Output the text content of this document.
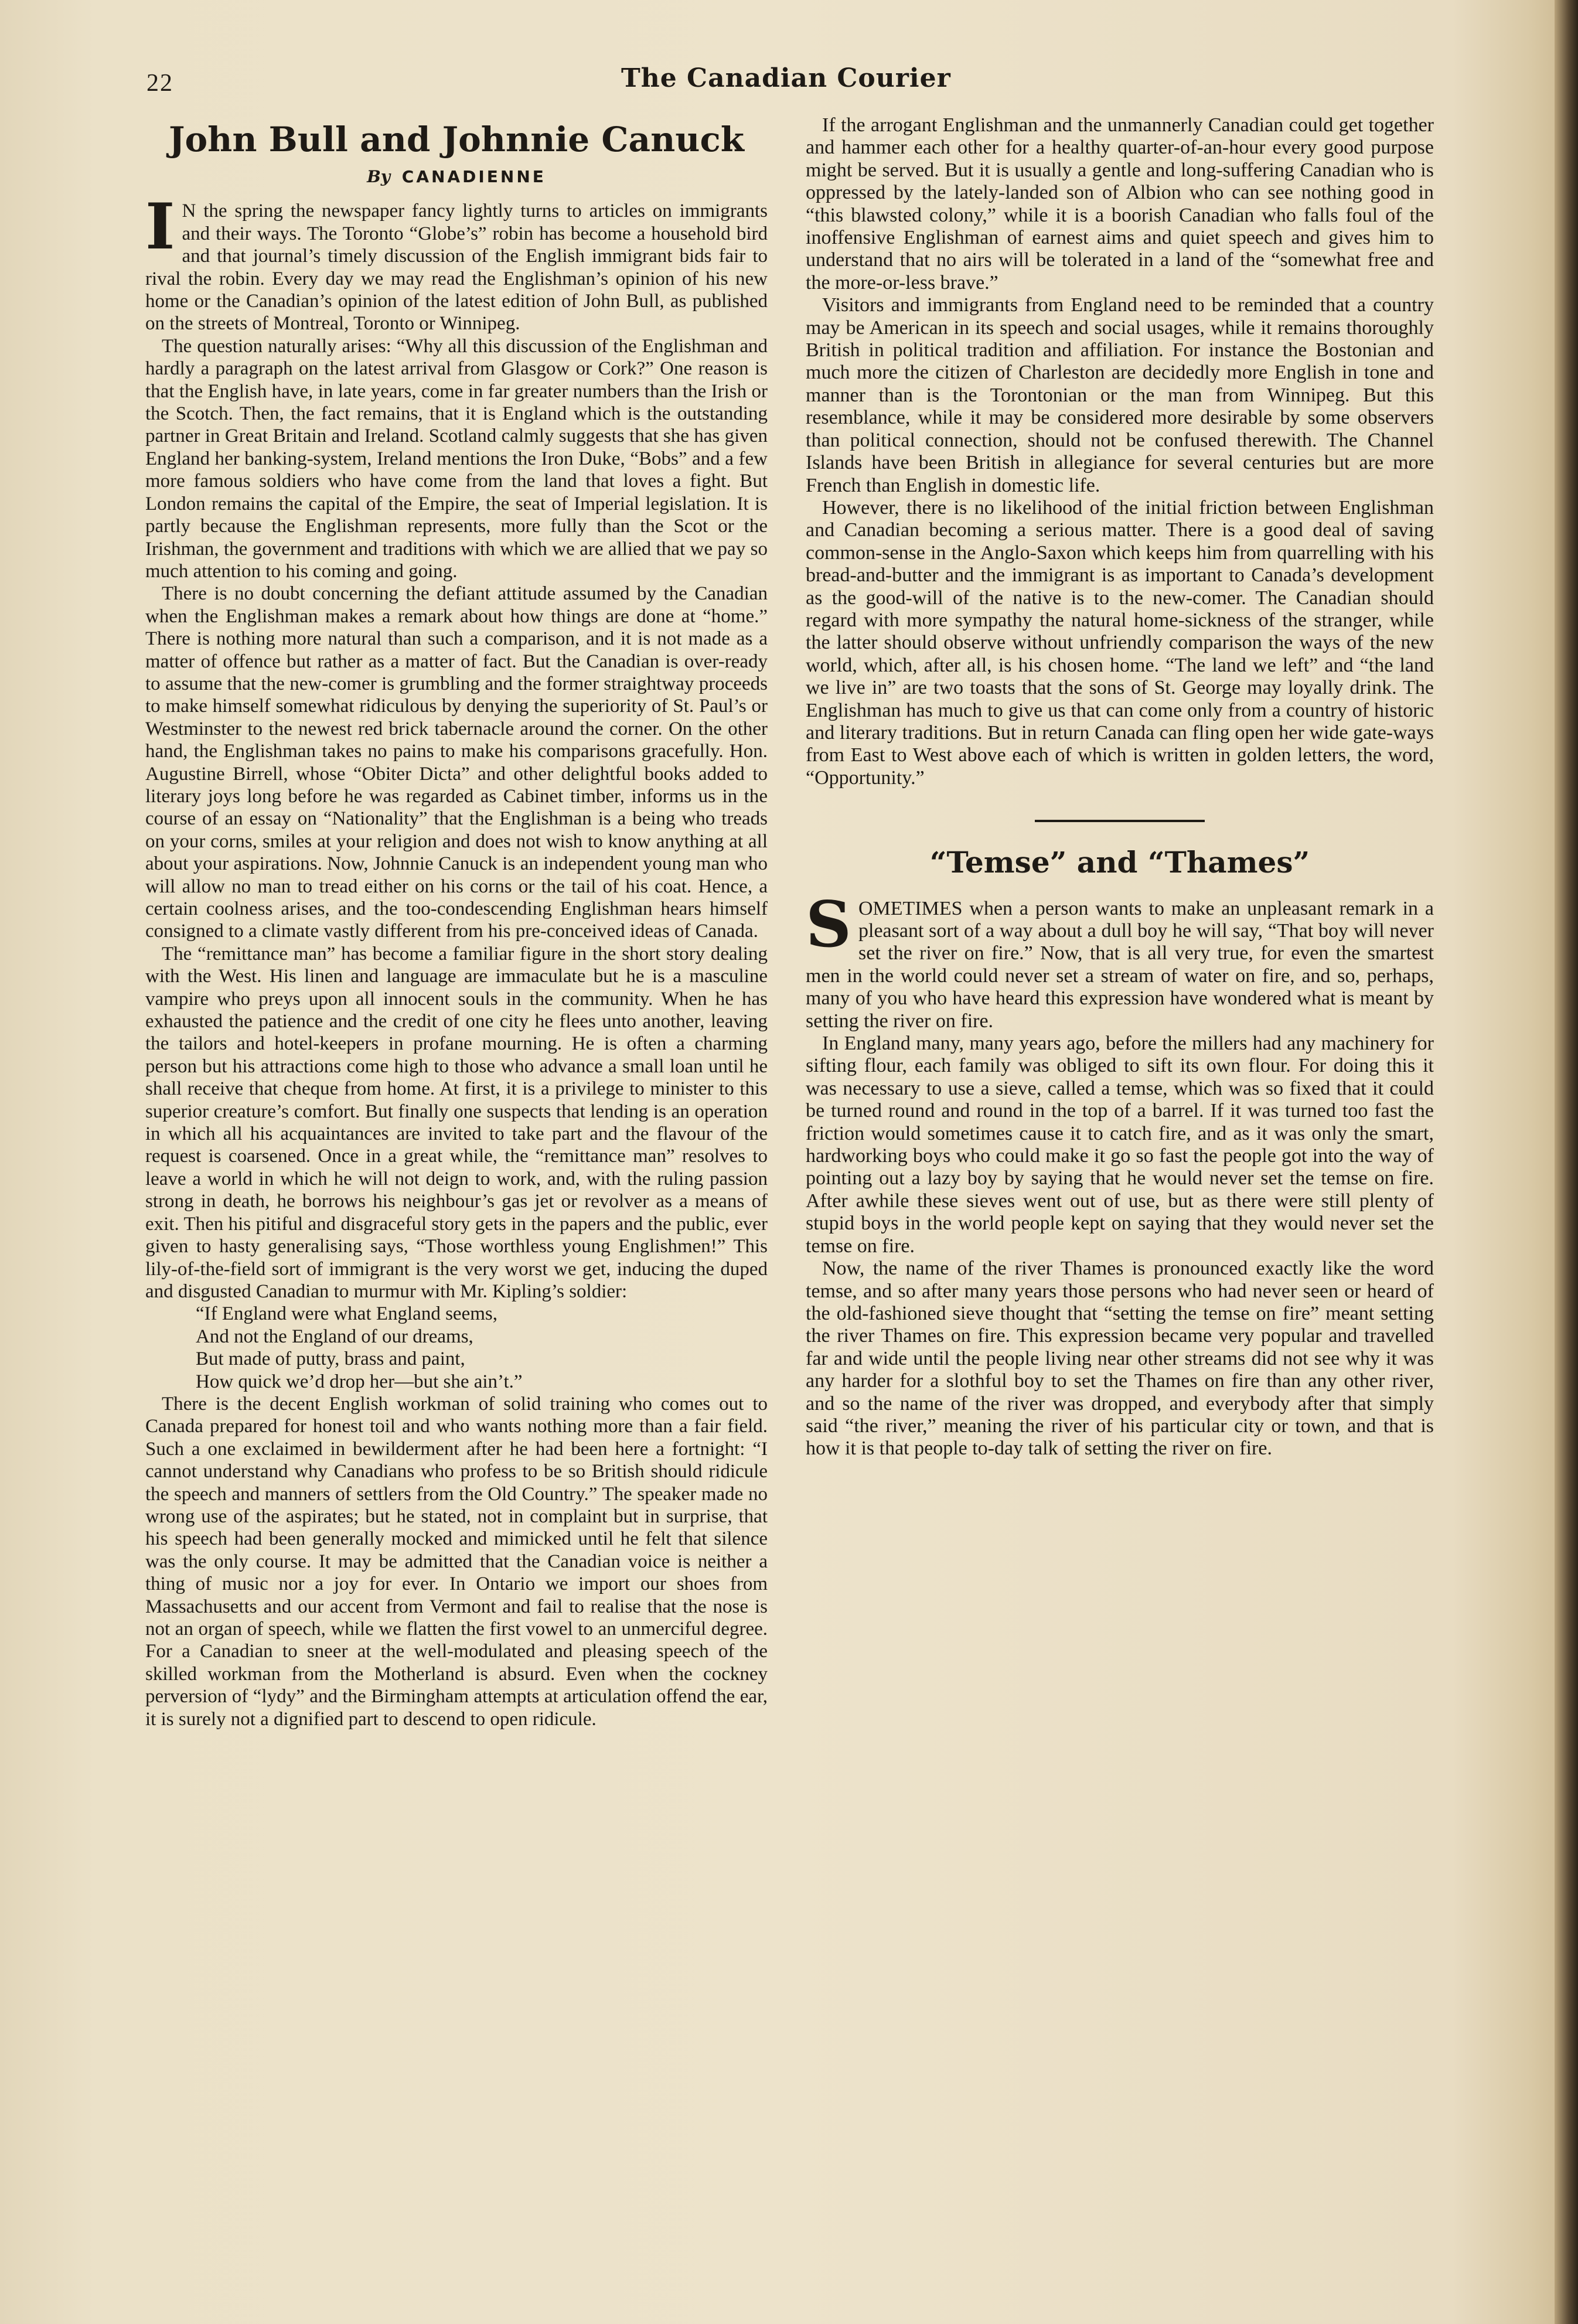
22	The Canadian Courier
John Bull and Johnnie Canuck
By CANADIENNE

I N the spring the newspaper fancy lightly turns to articles on immigrants and their ways. The Toronto “Globe’s” robin has become a household bird and that journal’s timely discussion of the English immigrant bids fair to rival the robin. Every day we may read the Englishman’s opinion of his new home or the Canadian’s opinion of the latest edition of John Bull, as published on the streets of Montreal, Toronto or Winnipeg.

The question naturally arises: “Why all this discussion of the Englishman and hardly a paragraph on the latest arrival from Glasgow or Cork?” One reason is that the English have, in late years, come in far greater numbers than the Irish or the Scotch. Then, the fact remains, that it is England which is the outstanding partner in Great Britain and Ireland. Scotland calmly suggests that she has given England her banking-system, Ireland mentions the Iron Duke, “Bobs” and a few more famous soldiers who have come from the land that loves a fight. But London remains the capital of the Empire, the seat of Imperial legislation. It is partly because the Englishman represents, more fully than the Scot or the Irishman, the government and traditions with which we are allied that we pay so much attention to his coming and going.

There is no doubt concerning the defiant attitude assumed by the Canadian when the Englishman makes a remark about how things are done at “home.” There is nothing more natural than such a comparison, and it is not made as a matter of offence but rather as a matter of fact. But the Canadian is over-ready to assume that the new-comer is grumbling and the former straightway proceeds to make himself somewhat ridiculous by denying the superiority of St. Paul’s or Westminster to the newest red brick tabernacle around the corner. On the other hand, the Englishman takes no pains to make his comparisons gracefully. Hon. Augustine Birrell, whose “Obiter Dicta” and other delightful books added to literary joys long before he was regarded as Cabinet timber, informs us in the course of an essay on “Nationality” that the Englishman is a being who treads on your corns, smiles at your religion and does not wish to know anything at all about your aspirations. Now, Johnnie Canuck is an independent young man who will allow no man to tread either on his corns or the tail of his coat. Hence, a certain coolness arises, and the too-condescending Englishman hears himself consigned to a climate vastly different from his pre-conceived ideas of Canada.

The “remittance man” has become a familiar figure in the short story dealing with the West. His linen and language are immaculate but he is a masculine vampire who preys upon all innocent souls in the community. When he has exhausted the patience and the credit of one city he flees unto another, leaving the tailors and hotel-keepers in profane mourning. He is often a charming person but his attractions come high to those who advance a small loan until he shall receive that cheque from home. At first, it is a privilege to minister to this superior creature’s comfort. But finally one suspects that lending is an operation in which all his acquaintances are invited to take part and the flavour of the request is coarsened. Once in a great while, the “remittance man” resolves to leave a world in which he will not deign to work, and, with the ruling passion strong in death, he borrows his neighbour’s gas jet or revolver as a means of exit. Then his pitiful and disgraceful story gets in the papers and the public, ever given to hasty generalising says, “Those worthless young Englishmen!” This lily-of-the-field sort of immigrant is the very worst we get, inducing the duped and disgusted Canadian to murmur with Mr. Kipling’s soldier:

“If England were what England seems,
And not the England of our dreams,
But made of putty, brass and paint,
How quick we’d drop her—but she ain’t.”

There is the decent English workman of solid training who comes out to Canada prepared for honest toil and who wants nothing more than a fair field. Such a one exclaimed in bewilderment after he had been here a fortnight: “I cannot understand why Canadians who profess to be so British should ridicule the speech and manners of settlers from the Old Country.” The speaker made no wrong use of the aspirates; but he stated, not in complaint but in surprise, that his speech had been generally mocked and mimicked until he felt that silence was the only course. It may be admitted that the Canadian voice is neither a thing of music nor a joy for ever. In Ontario we import our shoes from Massachusetts and our accent from Vermont and fail to realise that the nose is not an organ of speech, while we flatten the first vowel to an unmerciful degree. For a Canadian to sneer at the well-modulated and pleasing speech of the skilled workman from the Motherland is absurd. Even when the cockney perversion of “lydy” and the Birmingham attempts at articulation offend the ear, it is surely not a dignified part to descend to open ridicule.

If the arrogant Englishman and the unmannerly Canadian could get together and hammer each other for a healthy quarter-of-an-hour every good purpose might be served. But it is usually a gentle and long-suffering Canadian who is oppressed by the lately-landed son of Albion who can see nothing good in “this blawsted colony,” while it is a boorish Canadian who falls foul of the inoffensive Englishman of earnest aims and quiet speech and gives him to understand that no airs will be tolerated in a land of the “somewhat free and the more-or-less brave.”

Visitors and immigrants from England need to be reminded that a country may be American in its speech and social usages, while it remains thoroughly British in political tradition and affiliation. For instance the Bostonian and much more the citizen of Charleston are decidedly more English in tone and manner than is the Torontonian or the man from Winnipeg. But this resemblance, while it may be considered more desirable by some observers than political connection, should not be confused therewith. The Channel Islands have been British in allegiance for several centuries but are more French than English in domestic life.

However, there is no likelihood of the initial friction between Englishman and Canadian becoming a serious matter. There is a good deal of saving common-sense in the Anglo-Saxon which keeps him from quarrelling with his bread-and-butter and the immigrant is as important to Canada’s development as the good-will of the native is to the new-comer. The Canadian should regard with more sympathy the natural home-sickness of the stranger, while the latter should observe without unfriendly comparison the ways of the new world, which, after all, is his chosen home. “The land we left” and “the land we live in” are two toasts that the sons of St. George may loyally drink. The Englishman has much to give us that can come only from a country of historic and literary traditions. But in return Canada can fling open her wide gate-ways from East to West above each of which is written in golden letters, the word, “Opportunity.”

“Temse” and “Thames”

SOMETIMES when a person wants to make an unpleasant remark in a pleasant sort of a way about a dull boy he will say, “That boy will never set the river on fire.” Now, that is all very true, for even the smartest men in the world could never set a stream of water on fire, and so, perhaps, many of you who have heard this expression have wondered what is meant by setting the river on fire.

In England many, many years ago, before the millers had any machinery for sifting flour, each family was obliged to sift its own flour. For doing this it was necessary to use a sieve, called a temse, which was so fixed that it could be turned round and round in the top of a barrel. If it was turned too fast the friction would sometimes cause it to catch fire, and as it was only the smart, hardworking boys who could make it go so fast the people got into the way of pointing out a lazy boy by saying that he would never set the temse on fire. After awhile these sieves went out of use, but as there were still plenty of stupid boys in the world people kept on saying that they would never set the temse on fire.

Now, the name of the river Thames is pronounced exactly like the word temse, and so after many years those persons who had never seen or heard of the old-fashioned sieve thought that “setting the temse on fire” meant setting the river Thames on fire. This expression became very popular and travelled far and wide until the people living near other streams did not see why it was any harder for a slothful boy to set the Thames on fire than any other river, and so the name of the river was dropped, and everybody after that simply said “the river,” meaning the river of his particular city or town, and that is how it is that people to-day talk of setting the river on fire.
